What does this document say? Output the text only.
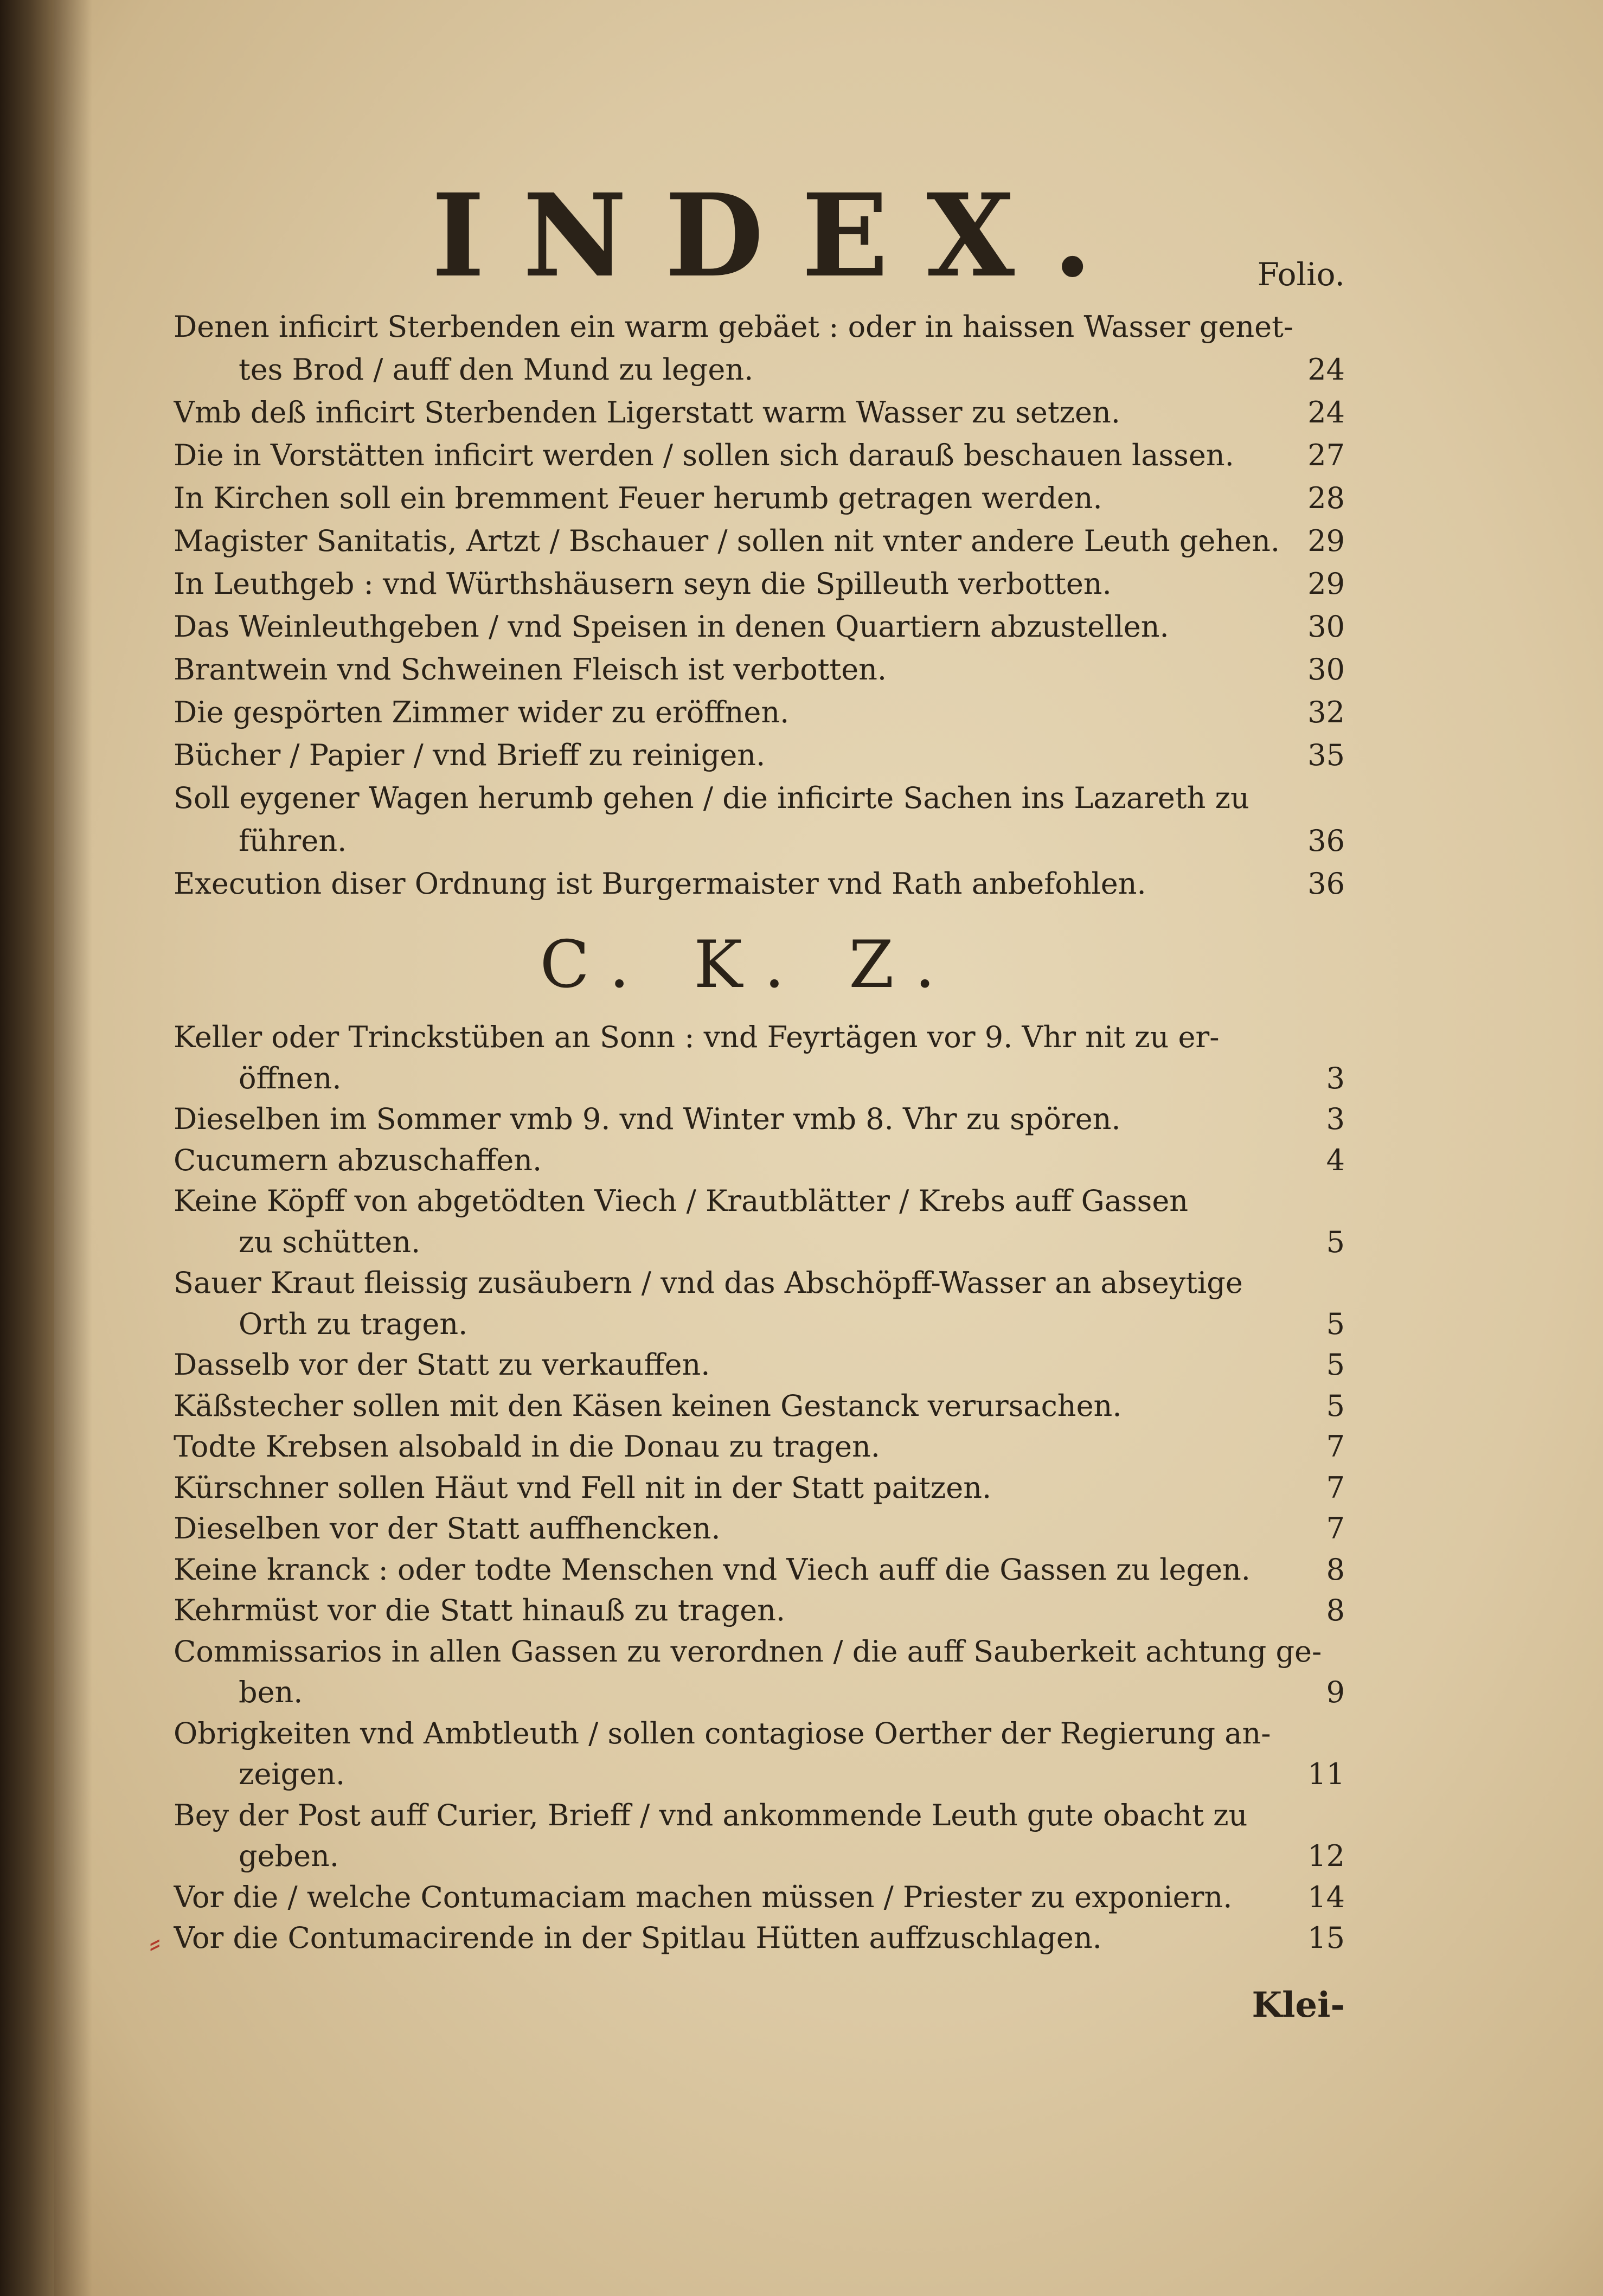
INDEX.	Folio.
Denen inficirt Sterbenden ein warm gebäet : oder in haissen Wasser genet-
tes Brod / auff den Mund zu legen.	24
Vmb deß inficirt Sterbenden Ligerstatt warm Wasser zu setzen.	24
Die in Vorstätten inficirt werden / sollen sich darauß beschauen lassen.	27
In Kirchen soll ein bremment Feuer herumb getragen werden.	28
Magister Sanitatis, Artzt / Bschauer / sollen nit vnter andere Leuth gehen. 29
In Leuthgeb : vnd Würthshäusern seyn die Spilleuth verbotten.	29
Das Weinleuthgeben / vnd Speisen in denen Quartiern abzustellen.	30
Brantwein vnd Schweinen Fleisch ist verbotten.	30
Die gespörten Zimmer wider zu eröffnen.	32
Bücher / Papier / vnd Brieff zu reinigen.	35
Soll eygener Wagen herumb gehen / die inficirte Sachen ins Lazareth zu
führen.	36
Execution diser Ordnung ist Burgermaister vnd Rath anbefohlen.	36
C. K. Z.
Keller oder Trinckstüben an Sonn : vnd Feyrtägen vor 9. Vhr nit zu er-
öffnen.	3
Dieselben im Sommer vmb 9. vnd Winter vmb 8. Vhr zu spören.	3
Cucumern abzuschaffen.	4
Keine Köpff von abgetödten Viech / Krautblätter / Krebs auff Gassen
zu schütten.	5
Sauer Kraut fleissig zusäubern / vnd das Abschöpff-Wasser an abseytige
Orth zu tragen.	5
Dasselb vor der Statt zu verkauffen.	5
Käßstecher sollen mit den Käsen keinen Gestanck verursachen.	5
Todte Krebsen alsobald in die Donau zu tragen.	7
Kürschner sollen Häut vnd Fell nit in der Statt paitzen.	7
Dieselben vor der Statt auffhencken.	7
Keine kranck : oder todte Menschen vnd Viech auff die Gassen zu legen.	8
Kehrmüst vor die Statt hinauß zu tragen.	8
Commissarios in allen Gassen zu verordnen / die auff Sauberkeit achtung ge-
ben.	9
Obrigkeiten vnd Ambtleuth / sollen contagiose Oerther der Regierung an-
zeigen.	11
Bey der Post auff Curier, Brieff / vnd ankommende Leuth gute obacht zu
geben.	12
Vor die / welche Contumaciam machen müssen / Priester zu exponiern.	14
Vor die Contumacirende in der Spitlau Hütten auffzuschlagen.	15
⸗
Klei-
